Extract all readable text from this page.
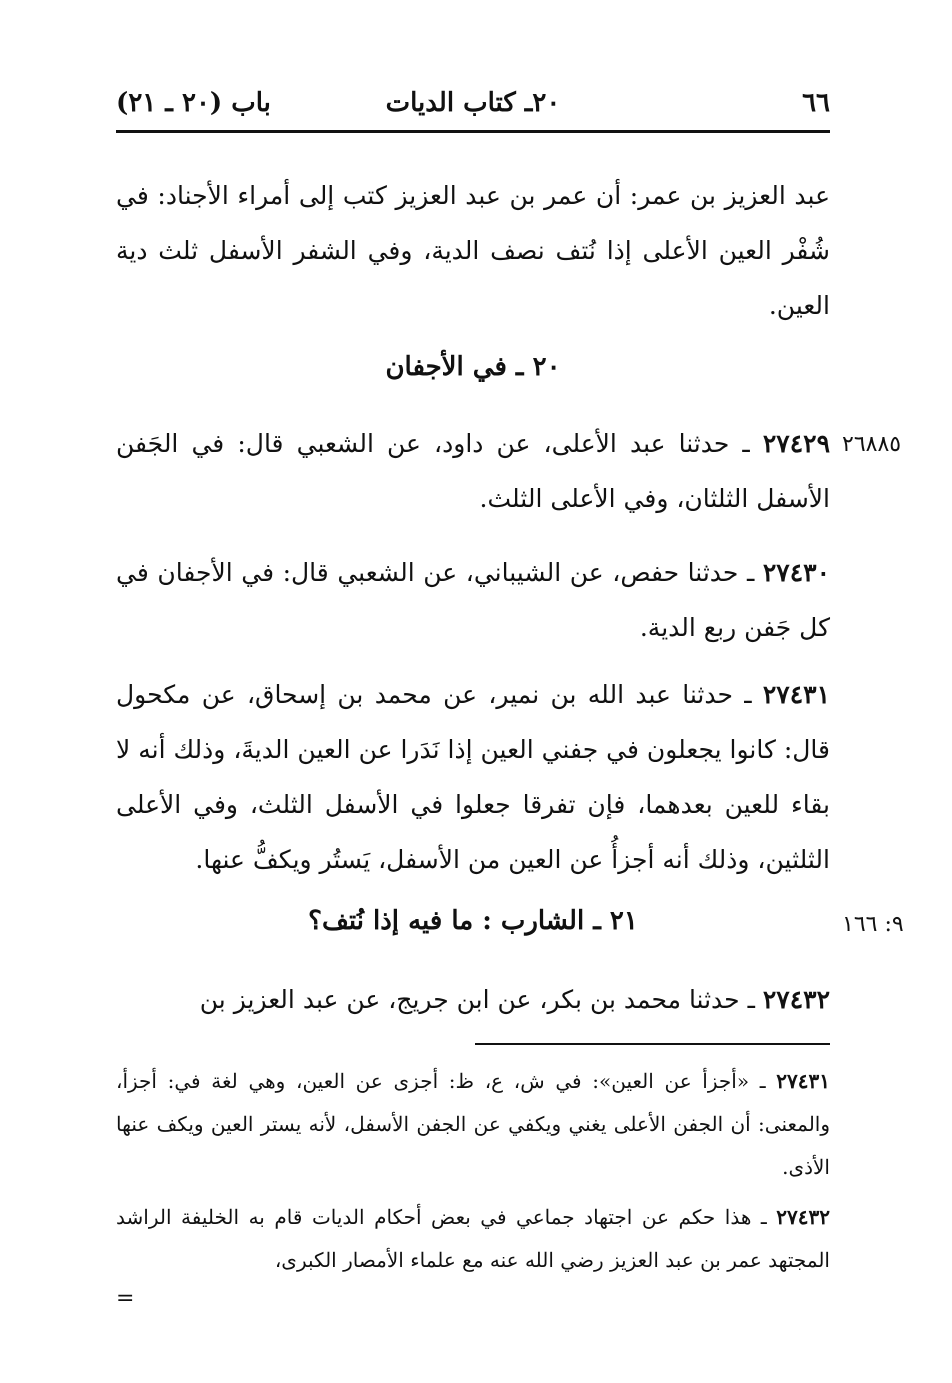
٦٦
٢٠ـ كتاب الديات
باب (٢٠ ـ ٢١)
عبد العزيز بن عمر: أن عمر بن عبد العزيز كتب إلى أمراء الأجناد: في شُفْر العين الأعلى إذا نُتف نصف الدية، وفي الشفر الأسفل ثلث دية العين.
٢٠ ـ في الأجفان
٢٦٨٨٥
٢٧٤٢٩ ـ حدثنا عبد الأعلى، عن داود، عن الشعبي قال: في الجَفن الأسفل الثلثان، وفي الأعلى الثلث.
٢٧٤٣٠ ـ حدثنا حفص، عن الشيباني، عن الشعبي قال: في الأجفان في كل جَفن ربع الدية.
٢٧٤٣١ ـ حدثنا عبد الله بن نمير، عن محمد بن إسحاق، عن مكحول قال: كانوا يجعلون في جفني العين إذا نَدَرا عن العين الديةَ، وذلك أنه لا بقاء للعين بعدهما، فإن تفرقا جعلوا في الأسفل الثلث، وفي الأعلى الثلثين، وذلك أنه أجزأُ عن العين من الأسفل، يَستُر ويكفُّ عنها.
٩: ١٦٦
٢١ ـ الشارب : ما فيه إذا نُتف؟
٢٧٤٣٢ ـ حدثنا محمد بن بكر، عن ابن جريج، عن عبد العزيز بن
٢٧٤٣١ ـ «أجزأ عن العين»: في ش، ع، ظ: أجزى عن العين، وهي لغة في: أجزأ، والمعنى: أن الجفن الأعلى يغني ويكفي عن الجفن الأسفل، لأنه يستر العين ويكف عنها الأذى.
٢٧٤٣٢ ـ هذا حكم عن اجتهاد جماعي في بعض أحكام الديات قام به الخليفة الراشد المجتهد عمر بن عبد العزيز رضي الله عنه مع علماء الأمصار الكبرى،
=
